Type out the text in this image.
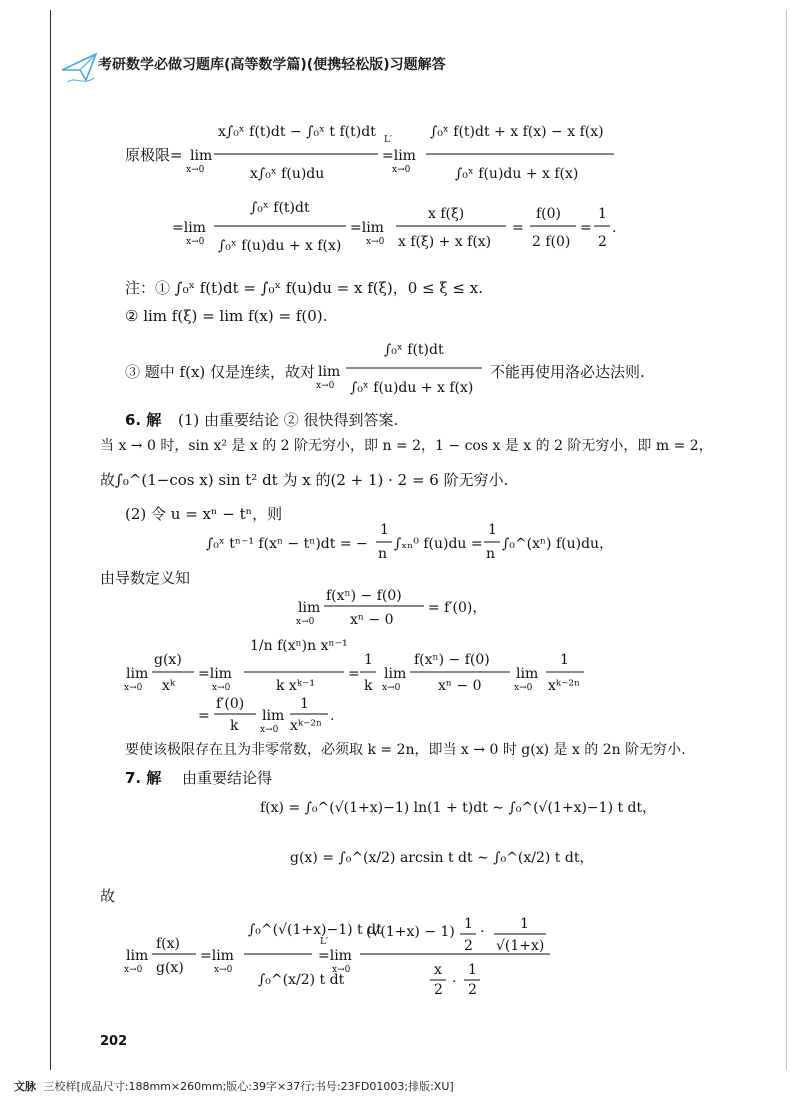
考研数学必做习题库(高等数学篇)(便携轻松版)习题解答
原极限=
注：① ∫₀ˣ f(t)dt = ∫₀ˣ f(u)du = x f(ξ)，0 ≤ ξ ≤ x.
② lim f(ξ) = lim f(x) = f(0).
③ 题中 f(x) 仅是连续，故对	不能再使用洛必达法则.
6. 解 (1) 由重要结论 ② 很快得到答案.
当 x → 0 时，sin x² 是 x 的 2 阶无穷小，即 n = 2，1 − cos x 是 x 的 2 阶无穷小，即 m = 2，
故∫₀^(1−cos x) sin t² dt 为 x 的(2 + 1) · 2 = 6 阶无穷小.
(2) 令 u = xⁿ − tⁿ，则
由导数定义知
要使该极限存在且为非零常数，必须取 k = 2n，即当 x → 0 时 g(x) 是 x 的 2n 阶无穷小.
7. 解 由重要结论得
故
lim
x→0
x∫₀ˣ f(t)dt − ∫₀ˣ t f(t)dt
x∫₀ˣ f(u)du
=lim
x→0
L′	∫₀ˣ f(t)dt + x f(x) − x f(x)
∫₀ˣ f(u)du + x f(x)
=lim
x→0
∫₀ˣ f(t)dt
∫₀ˣ f(u)du + x f(x)
=lim
x→0
x f(ξ)
x f(ξ) + x f(x)
=
f(0)
2 f(0)
=
1
2
.
lim
x→0
∫₀ˣ f(t)dt
∫₀ˣ f(u)du + x f(x)
∫₀ˣ tⁿ⁻¹ f(xⁿ − tⁿ)dt = −
1
n
∫ₓₙ⁰ f(u)du =
1
n
∫₀^(xⁿ) f(u)du，
lim
x→0
f(xⁿ) − f(0)
xⁿ − 0
= f′(0)，
lim
x→0
g(x)
xᵏ
=lim
x→0
1/n f(xⁿ)n xⁿ⁻¹
k xᵏ⁻¹
=
1
k
lim
x→0
f(xⁿ) − f(0)
xⁿ − 0
lim
x→0
1
xᵏ⁻²ⁿ
=
f′(0)
k
lim
x→0
1
xᵏ⁻²ⁿ
.
f(x) = ∫₀^(√(1+x)−1) ln(1 + t)dt ∼ ∫₀^(√(1+x)−1) t dt，
g(x) = ∫₀^(x/2) arcsin t dt ∼ ∫₀^(x/2) t dt，
lim
x→0
f(x)
g(x)
=lim
x→0
∫₀^(√(1+x)−1) t dt
∫₀^(x/2) t dt
=lim
x→0
L′
(√(1+x) − 1) 1
2
·	1
√(1+x)
x
2 ·
1
2
202
文脉 三校样[成品尺寸:188mm×260mm;版心:39字×37行;书号:23FD01003;排版:XU]
